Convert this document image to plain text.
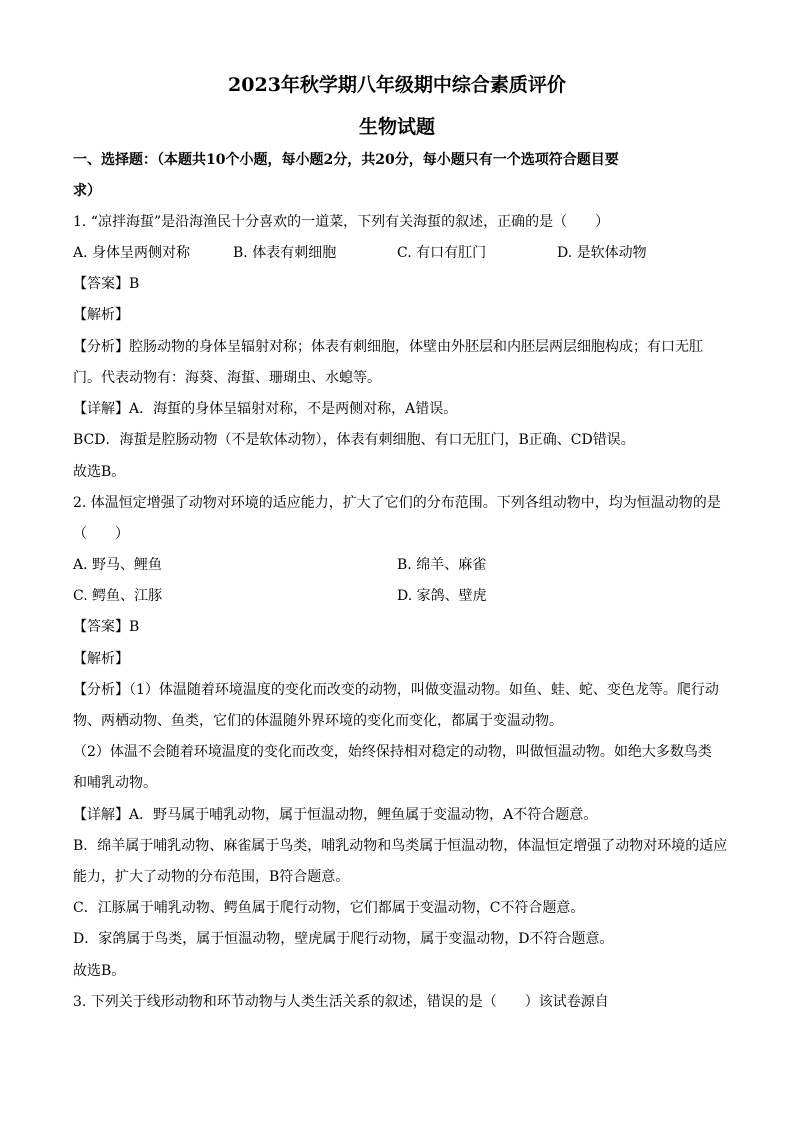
2023年秋学期八年级期中综合素质评价
生物试题
一、选择题：（本题共10个小题，每小题2分，共20分，每小题只有一个选项符合题目要
求）
1. “凉拌海蜇”是沿海渔民十分喜欢的一道菜，下列有关海蜇的叙述，正确的是（　　）
A. 身体呈两侧对称	B. 体表有刺细胞	C. 有口有肛门	D. 是软体动物
【答案】B
【解析】
【分析】腔肠动物的身体呈辐射对称；体表有刺细胞，体壁由外胚层和内胚层两层细胞构成；有口无肛
门。代表动物有：海葵、海蜇、珊瑚虫、水螅等。
【详解】A．海蜇的身体呈辐射对称，不是两侧对称，A错误。
BCD．海蜇是腔肠动物（不是软体动物），体表有刺细胞、有口无肛门，B正确、CD错误。
故选B。
2. 体温恒定增强了动物对环境的适应能力，扩大了它们的分布范围。下列各组动物中，均为恒温动物的是
（　　）
A. 野马、鲤鱼	B. 绵羊、麻雀
C. 鳄鱼、江豚	D. 家鸽、壁虎
【答案】B
【解析】
【分析】（1）体温随着环境温度的变化而改变的动物，叫做变温动物。如鱼、蛙、蛇、变色龙等。爬行动
物、两栖动物、鱼类，它们的体温随外界环境的变化而变化，都属于变温动物。
（2）体温不会随着环境温度的变化而改变，始终保持相对稳定的动物，叫做恒温动物。如绝大多数鸟类
和哺乳动物。
【详解】A．野马属于哺乳动物，属于恒温动物，鲤鱼属于变温动物，A不符合题意。
B．绵羊属于哺乳动物、麻雀属于鸟类，哺乳动物和鸟类属于恒温动物，体温恒定增强了动物对环境的适应
能力，扩大了动物的分布范围，B符合题意。
C．江豚属于哺乳动物、鳄鱼属于爬行动物，它们都属于变温动物，C不符合题意。
D．家鸽属于鸟类，属于恒温动物，壁虎属于爬行动物，属于变温动物，D不符合题意。
故选B。
3. 下列关于线形动物和环节动物与人类生活关系的叙述，错误的是（　　）该试卷源自
